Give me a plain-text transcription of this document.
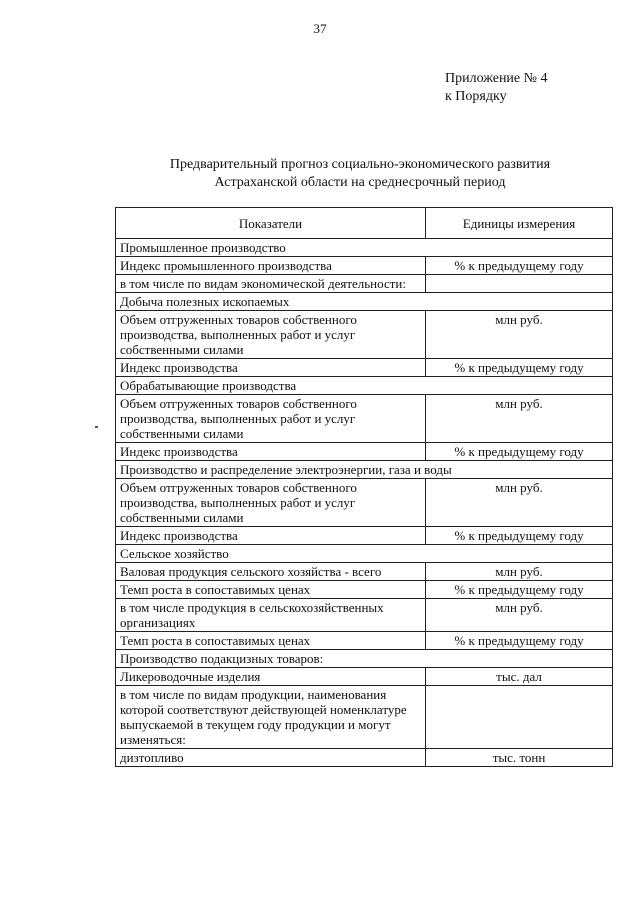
37
Приложение № 4
к Порядку
Предварительный прогноз социально-экономического развития Астраханской области на среднесрочный период
Показатели	Единицы измерения
Промышленное производство	
Индекс промышленного производства	% к предыдущему году
в том числе по видам экономической деятельности:	
Добыча полезных ископаемых	
Объем отгруженных товаров собственного производства, выполненных работ и услуг собственными силами	млн руб.
Индекс производства	% к предыдущему году
Обрабатывающие производства	
Объем отгруженных товаров собственного производства, выполненных работ и услуг собственными силами	млн руб.
Индекс производства	% к предыдущему году
Производство и распределение электроэнергии, газа и воды	
Объем отгруженных товаров собственного производства, выполненных работ и услуг собственными силами	млн руб.
Индекс производства	% к предыдущему году
Сельское хозяйство	
Валовая продукция сельского хозяйства - всего	млн руб.
Темп роста в сопоставимых ценах	% к предыдущему году
в том числе продукция в сельскохозяйственных организациях	млн руб.
Темп роста в сопоставимых ценах	% к предыдущему году
Производство подакцизных товаров:	
Ликероводочные изделия	тыс. дал
в том числе по видам продукции, наименования которой соответствуют действующей номенклатуре выпускаемой в текущем году продукции и могут изменяться:	
дизтопливо	тыс. тонн
